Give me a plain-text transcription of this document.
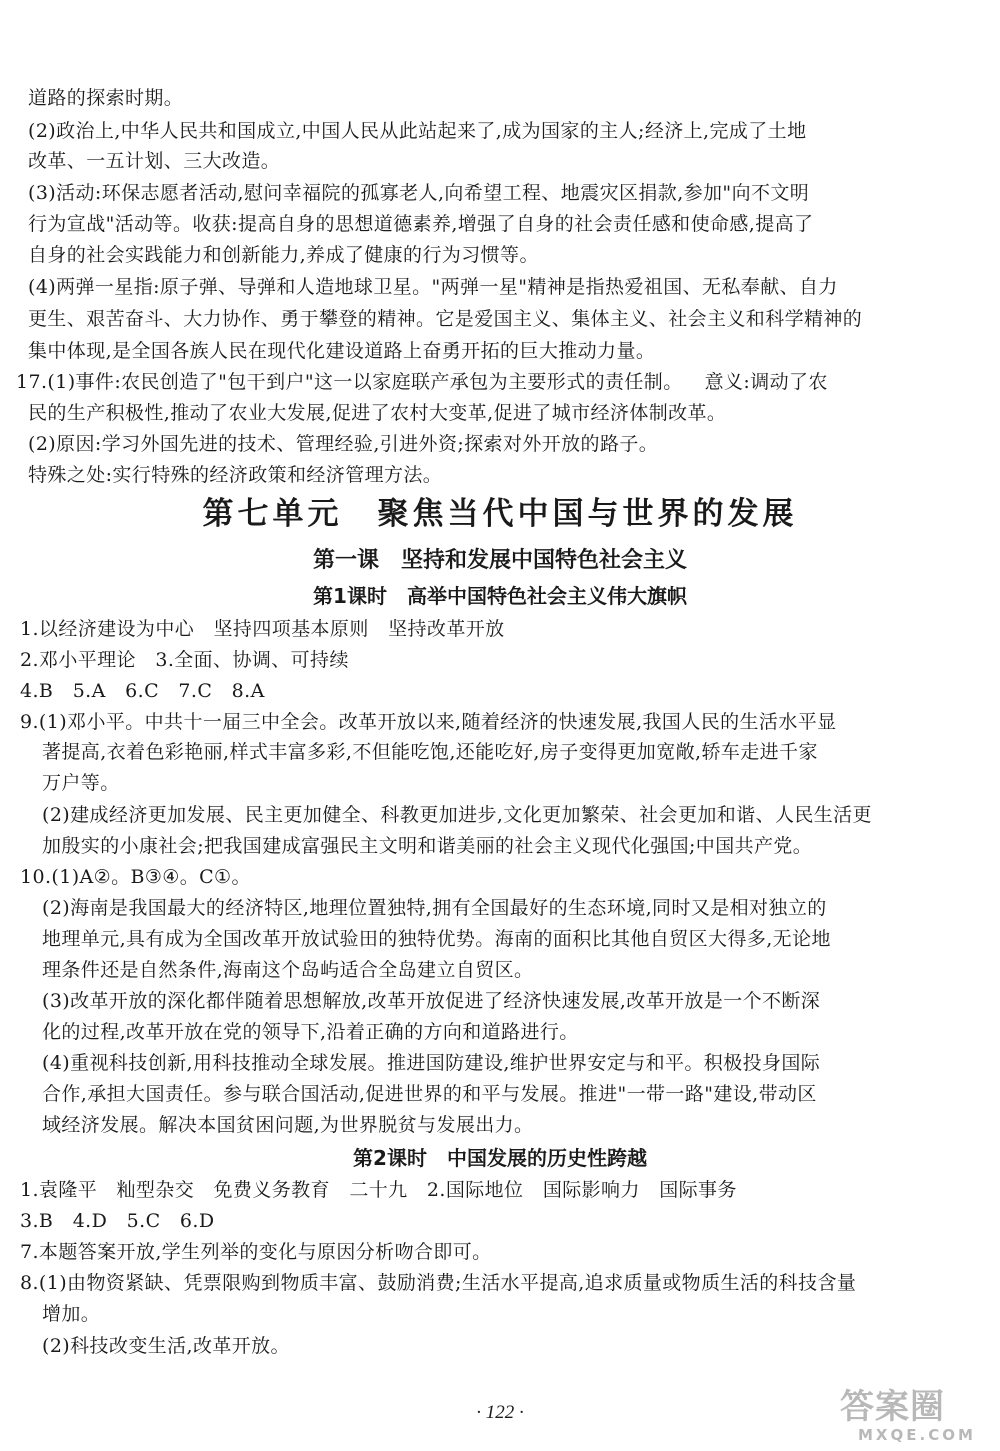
道路的探索时期。
(2)政治上,中华人民共和国成立,中国人民从此站起来了,成为国家的主人;经济上,完成了土地
改革、一五计划、三大改造。
(3)活动:环保志愿者活动,慰问幸福院的孤寡老人,向希望工程、地震灾区捐款,参加"向不文明
行为宣战"活动等。收获:提高自身的思想道德素养,增强了自身的社会责任感和使命感,提高了
自身的社会实践能力和创新能力,养成了健康的行为习惯等。
(4)两弹一星指:原子弹、导弹和人造地球卫星。"两弹一星"精神是指热爱祖国、无私奉献、自力
更生、艰苦奋斗、大力协作、勇于攀登的精神。它是爱国主义、集体主义、社会主义和科学精神的
集中体现,是全国各族人民在现代化建设道路上奋勇开拓的巨大推动力量。
17.(1)事件:农民创造了"包干到户"这一以家庭联产承包为主要形式的责任制。 意义:调动了农
民的生产积极性,推动了农业大发展,促进了农村大变革,促进了城市经济体制改革。
(2)原因:学习外国先进的技术、管理经验,引进外资;探索对外开放的路子。
特殊之处:实行特殊的经济政策和经济管理方法。
第七单元　聚焦当代中国与世界的发展
第一课　坚持和发展中国特色社会主义
第1课时　高举中国特色社会主义伟大旗帜
1.以经济建设为中心　坚持四项基本原则　坚持改革开放
2.邓小平理论　3.全面、协调、可持续
4.B　5.A　6.C　7.C　8.A
9.(1)邓小平。中共十一届三中全会。改革开放以来,随着经济的快速发展,我国人民的生活水平显
著提高,衣着色彩艳丽,样式丰富多彩,不但能吃饱,还能吃好,房子变得更加宽敞,轿车走进千家
万户等。
(2)建成经济更加发展、民主更加健全、科教更加进步,文化更加繁荣、社会更加和谐、人民生活更
加殷实的小康社会;把我国建成富强民主文明和谐美丽的社会主义现代化强国;中国共产党。
10.(1)A②。B③④。C①。
(2)海南是我国最大的经济特区,地理位置独特,拥有全国最好的生态环境,同时又是相对独立的
地理单元,具有成为全国改革开放试验田的独特优势。海南的面积比其他自贸区大得多,无论地
理条件还是自然条件,海南这个岛屿适合全岛建立自贸区。
(3)改革开放的深化都伴随着思想解放,改革开放促进了经济快速发展,改革开放是一个不断深
化的过程,改革开放在党的领导下,沿着正确的方向和道路进行。
(4)重视科技创新,用科技推动全球发展。推进国防建设,维护世界安定与和平。积极投身国际
合作,承担大国责任。参与联合国活动,促进世界的和平与发展。推进"一带一路"建设,带动区
域经济发展。解决本国贫困问题,为世界脱贫与发展出力。
第2课时　中国发展的历史性跨越
1.袁隆平　籼型杂交　免费义务教育　二十九　2.国际地位　国际影响力　国际事务
3.B　4.D　5.C　6.D
7.本题答案开放,学生列举的变化与原因分析吻合即可。
8.(1)由物资紧缺、凭票限购到物质丰富、鼓励消费;生活水平提高,追求质量或物质生活的科技含量
增加。
(2)科技改变生活,改革开放。
· 122 ·	答案圈
MXQE.COM
